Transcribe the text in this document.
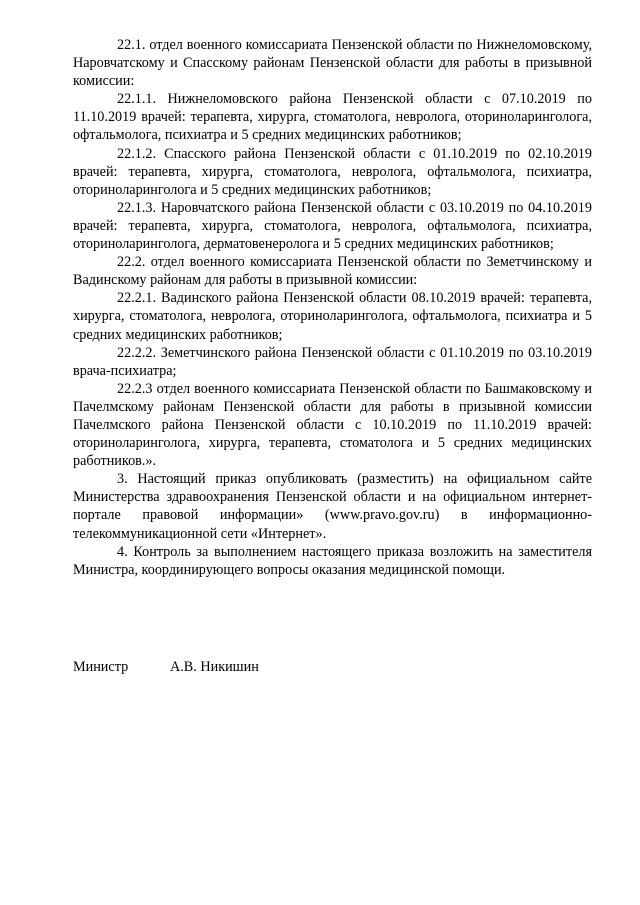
22.1. отдел военного комиссариата Пензенской области по Нижнеломовскому, Наровчатскому и Спасскому районам Пензенской области для работы в призывной комиссии:

22.1.1. Нижнеломовского района Пензенской области с 07.10.2019 по 11.10.2019 врачей: терапевта, хирурга, стоматолога, невролога, оториноларинголога, офтальмолога, психиатра и 5 средних медицинских работников;

22.1.2. Спасского района Пензенской области с 01.10.2019 по 02.10.2019 врачей: терапевта, хирурга, стоматолога, невролога, офтальмолога, психиатра, оториноларинголога и 5 средних медицинских работников;

22.1.3. Наровчатского района Пензенской области с 03.10.2019 по 04.10.2019 врачей: терапевта, хирурга, стоматолога, невролога, офтальмолога, психиатра, оториноларинголога, дерматовенеролога и 5 средних медицинских работников;

22.2. отдел военного комиссариата Пензенской области по Земетчинскому и Вадинскому районам для работы в призывной комиссии:

22.2.1. Вадинского района Пензенской области 08.10.2019 врачей: терапевта, хирурга, стоматолога, невролога, оториноларинголога, офтальмолога, психиатра и 5 средних медицинских работников;

22.2.2. Земетчинского района Пензенской области с 01.10.2019 по 03.10.2019 врача-психиатра;

22.2.3 отдел военного комиссариата Пензенской области по Башмаковскому и Пачелмскому районам Пензенской области для работы в призывной комиссии Пачелмского района Пензенской области с 10.10.2019 по 11.10.2019 врачей: оториноларинголога, хирурга, терапевта, стоматолога и 5 средних медицинских работников.».

3. Настоящий приказ опубликовать (разместить) на официальном сайте Министерства здравоохранения Пензенской области и на официальном интернет-портале правовой информации» (www.pravo.gov.ru) в информационно-телекоммуникационной сети «Интернет».

4. Контроль за выполнением настоящего приказа возложить на заместителя Министра, координирующего вопросы оказания медицинской помощи.

Министр	А.В. Никишин
